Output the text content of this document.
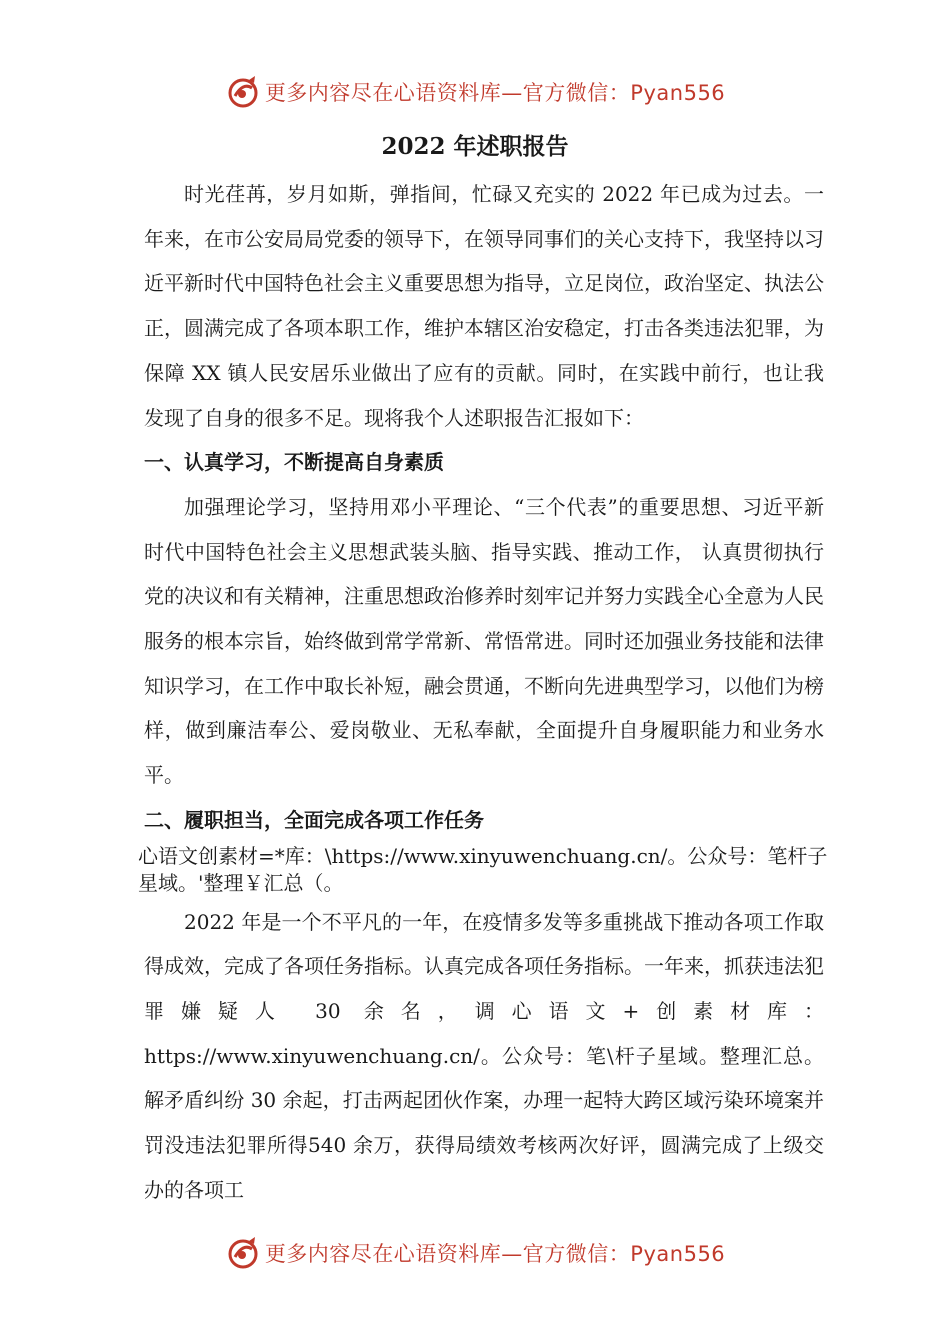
更多内容尽在心语资料库—官方微信：Pyan556
2022 年述职报告

时光荏苒，岁月如斯，弹指间，忙碌又充实的 2022 年已成为过去。一年来，在市公安局局党委的领导下，在领导同事们的关心支持下，我坚持以习近平新时代中国特色社会主义重要思想为指导，立足岗位，政治坚定、执法公正，圆满完成了各项本职工作，维护本辖区治安稳定，打击各类违法犯罪，为保障 XX 镇人民安居乐业做出了应有的贡献。同时，在实践中前行，也让我发现了自身的很多不足。现将我个人述职报告汇报如下：

一、认真学习，不断提高自身素质

加强理论学习，坚持用邓小平理论、“三个代表”的重要思想、习近平新时代中国特色社会主义思想武装头脑、指导实践、推动工作， 认真贯彻执行党的决议和有关精神，注重思想政治修养时刻牢记并努力实践全心全意为人民服务的根本宗旨，始终做到常学常新、常悟常进。同时还加强业务技能和法律知识学习，在工作中取长补短，融会贯通，不断向先进典型学习，以他们为榜样，做到廉洁奉公、爱岗敬业、无私奉献，全面提升自身履职能力和业务水平。

二、履职担当，全面完成各项工作任务

心语文创素材=*库：\https://www.xinyuwenchuang.cn/。公众号：笔杆子星域。'整理￥汇总（。

2022 年是一个不平凡的一年，在疫情多发等多重挑战下推动各项工作取得成效，完成了各项任务指标。认真完成各项任务指标。一年来，抓获违法犯罪嫌疑人 30 余名，调心语文+创素材库：https://www.xinyuwenchuang.cn/。公众号：笔\杆子星域。整理汇总。解矛盾纠纷 30 余起，打击两起团伙作案，办理一起特大跨区域污染环境案并罚没违法犯罪所得540 余万，获得局绩效考核两次好评，圆满完成了上级交办的各项工

更多内容尽在心语资料库—官方微信：Pyan556
